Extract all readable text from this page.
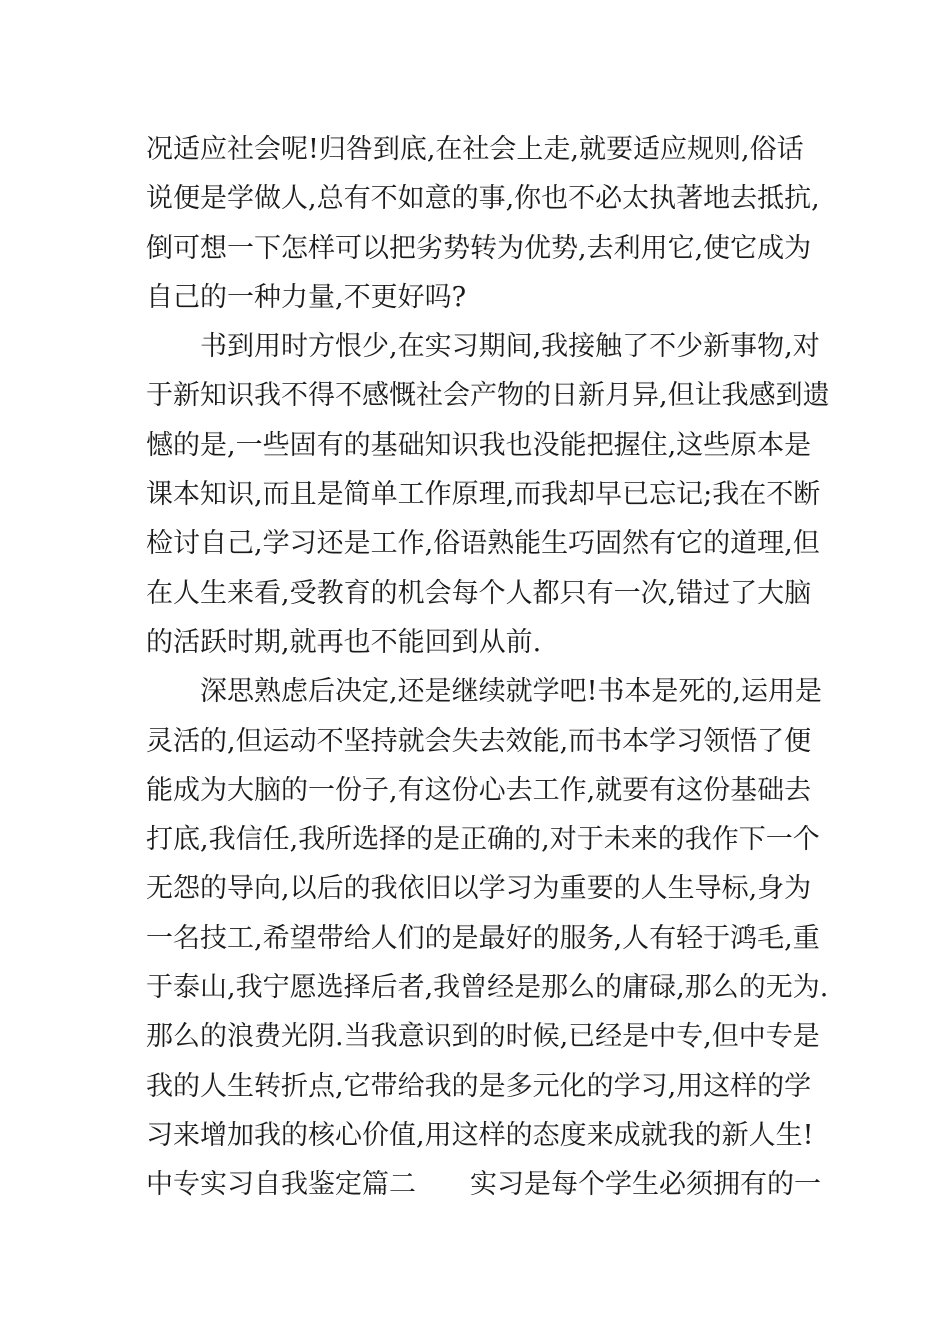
况适应社会呢!归咎到底,在社会上走,就要适应规则,俗话
说便是学做人,总有不如意的事,你也不必太执著地去抵抗,
倒可想一下怎样可以把劣势转为优势,去利用它,使它成为
自己的一种力量,不更好吗?
书到用时方恨少,在实习期间,我接触了不少新事物,对
于新知识我不得不感慨社会产物的日新月异,但让我感到遗
憾的是,一些固有的基础知识我也没能把握住,这些原本是
课本知识,而且是简单工作原理,而我却早已忘记;我在不断
检讨自己,学习还是工作,俗语熟能生巧固然有它的道理,但
在人生来看,受教育的机会每个人都只有一次,错过了大脑
的活跃时期,就再也不能回到从前.
深思熟虑后决定,还是继续就学吧!书本是死的,运用是
灵活的,但运动不坚持就会失去效能,而书本学习领悟了便
能成为大脑的一份子,有这份心去工作,就要有这份基础去
打底,我信任,我所选择的是正确的,对于未来的我作下一个
无怨的导向,以后的我依旧以学习为重要的人生导标,身为
一名技工,希望带给人们的是最好的服务,人有轻于鸿毛,重
于泰山,我宁愿选择后者,我曾经是那么的庸碌,那么的无为.
那么的浪费光阴.当我意识到的时候,已经是中专,但中专是
我的人生转折点,它带给我的是多元化的学习,用这样的学
习来增加我的核心价值,用这样的态度来成就我的新人生!
中专实习自我鉴定篇二　　实习是每个学生必须拥有的一
